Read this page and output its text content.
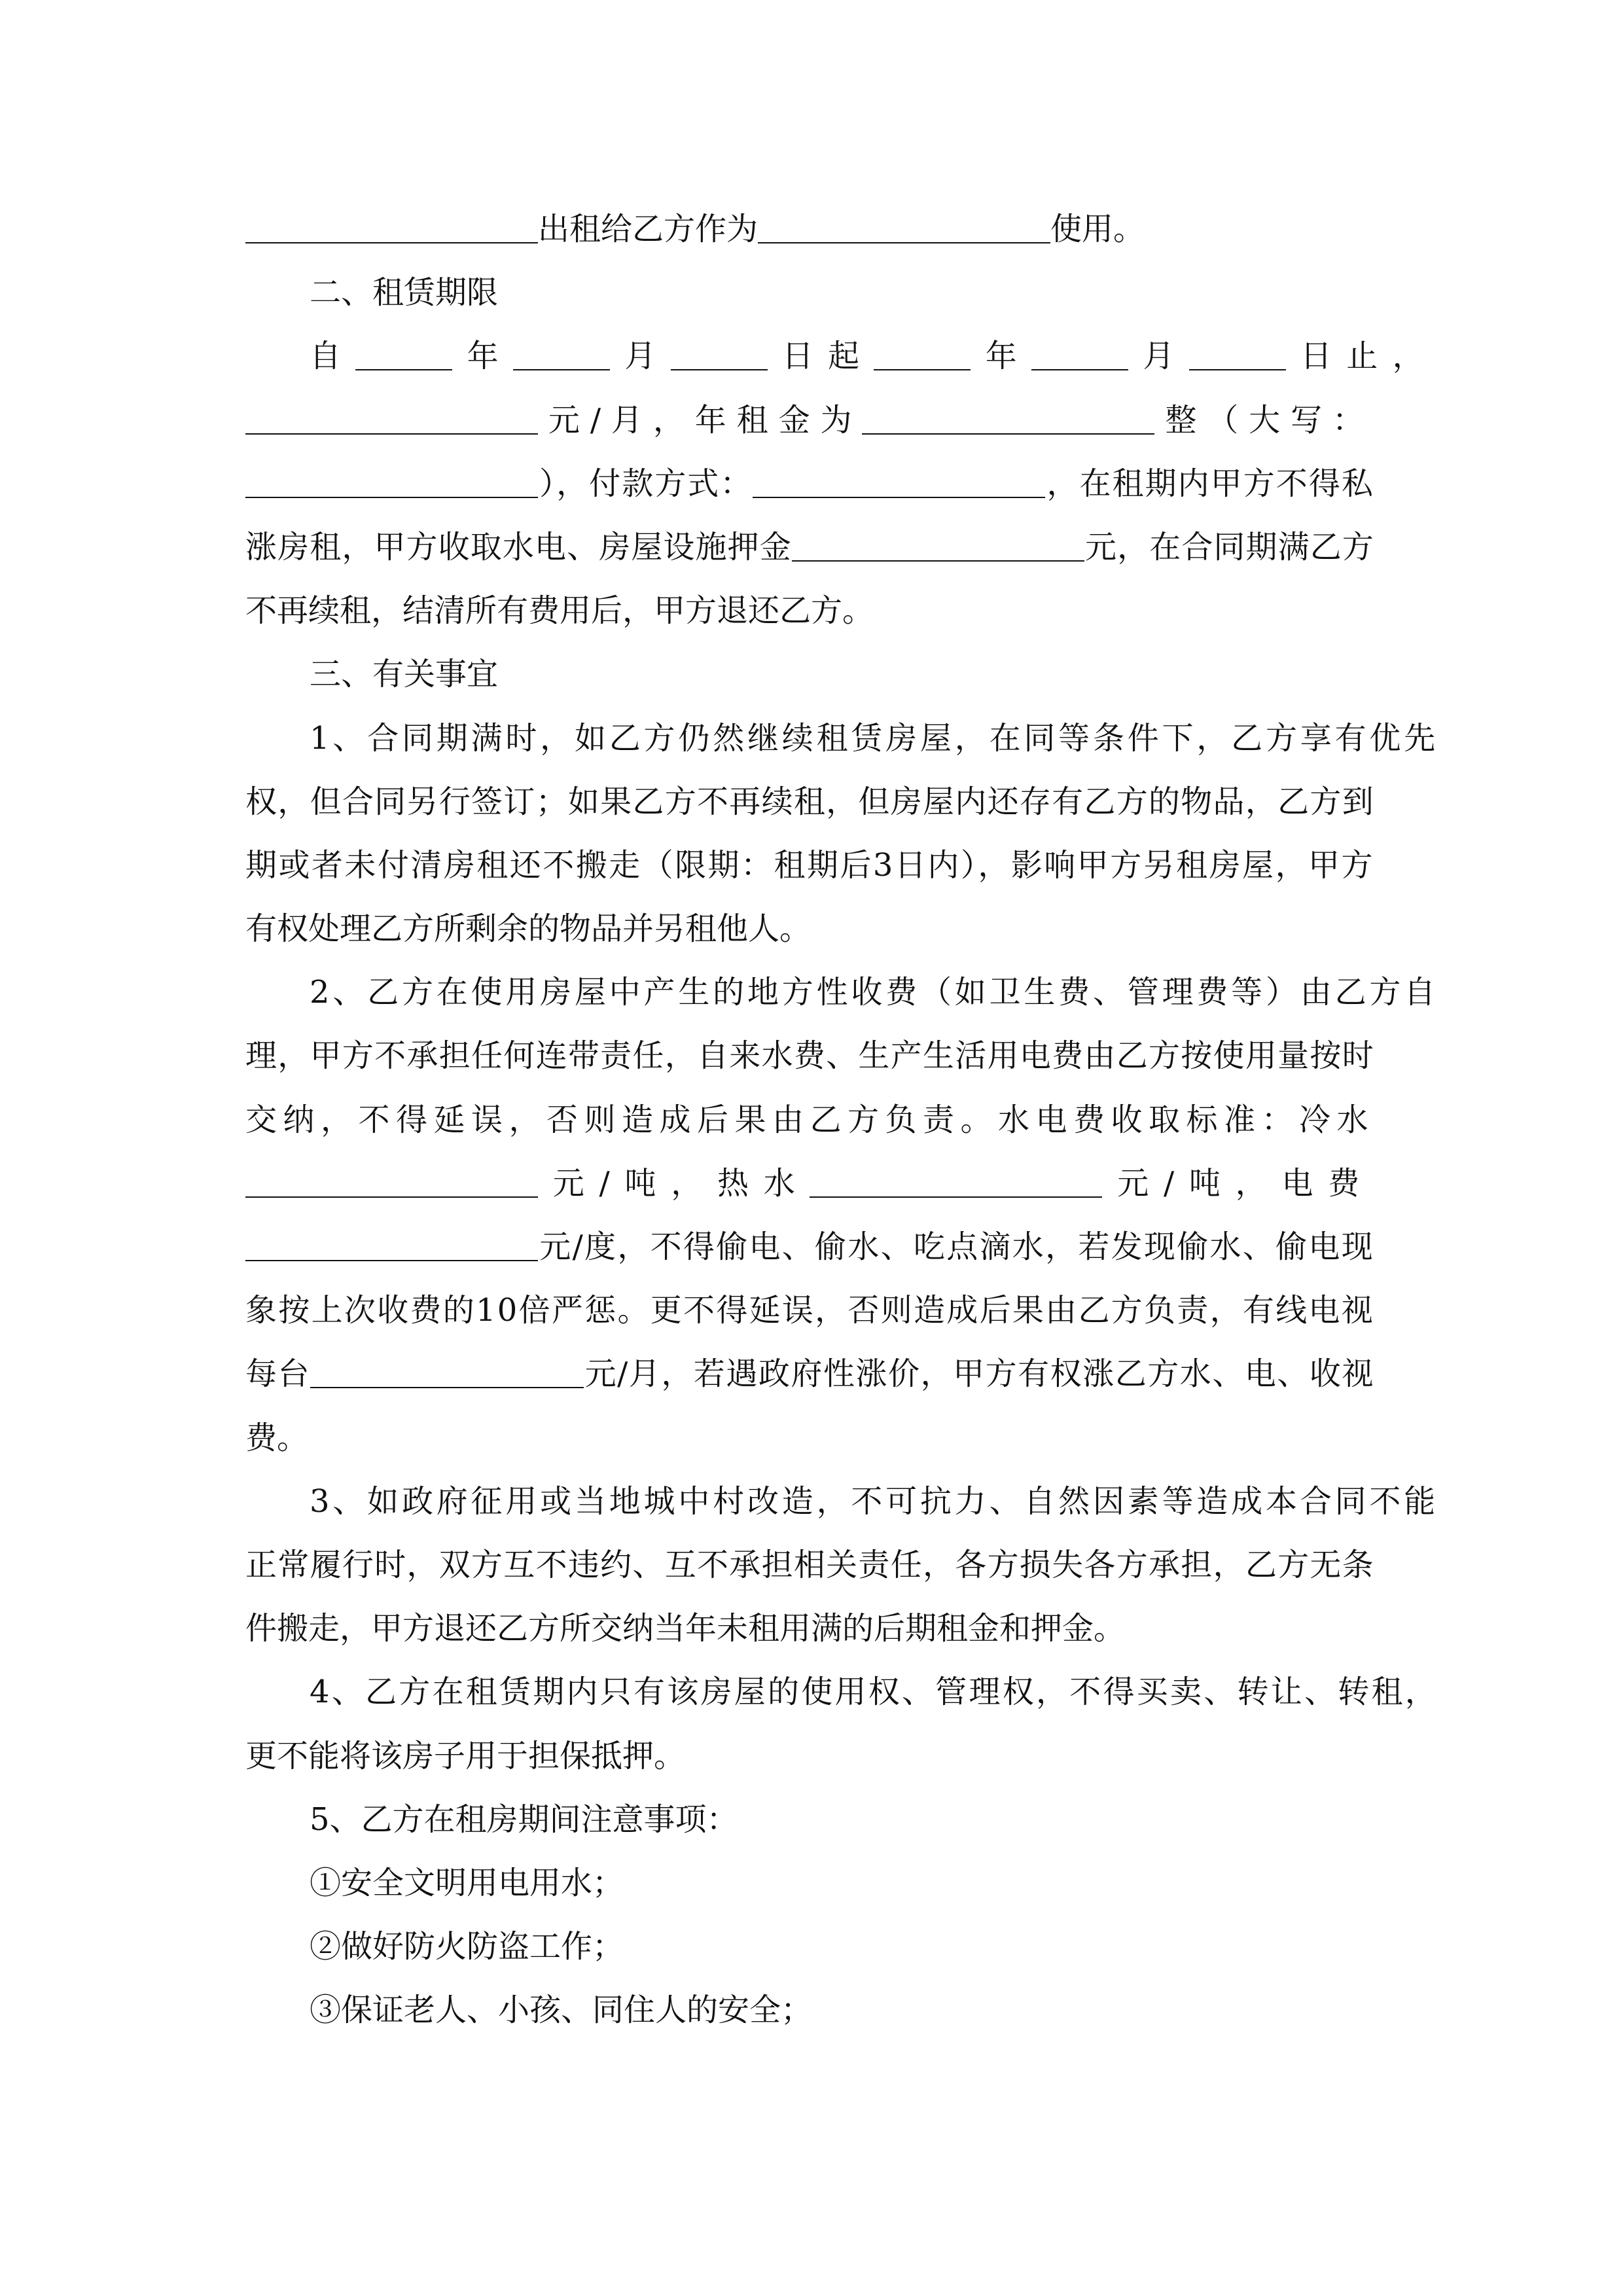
出租给乙方作为	使用。
二、租赁期限
自	年	月	日起	年	月	日止，
元/月，年租金为	整（大写：
），付款方式：	，在租期内甲方不得私
涨房租，甲方收取水电、房屋设施押金	元，在合同期满乙方
不再续租，结清所有费用后，甲方退还乙方。
三、有关事宜
1、合同期满时，如乙方仍然继续租赁房屋，在同等条件下，乙方享有优先
权，但合同另行签订；如果乙方不再续租，但房屋内还存有乙方的物品，乙方到
期或者未付清房租还不搬走（限期：租期后3日内），影响甲方另租房屋，甲方
有权处理乙方所剩余的物品并另租他人。
2、乙方在使用房屋中产生的地方性收费（如卫生费、管理费等）由乙方自
理，甲方不承担任何连带责任，自来水费、生产生活用电费由乙方按使用量按时
交纳，不得延误，否则造成后果由乙方负责。水电费收取标准：冷水
元/吨，热水	元/吨，电费
元/度，不得偷电、偷水、吃点滴水，若发现偷水、偷电现
象按上次收费的10倍严惩。更不得延误，否则造成后果由乙方负责，有线电视
每台	元/月，若遇政府性涨价，甲方有权涨乙方水、电、收视
费。
3、如政府征用或当地城中村改造，不可抗力、自然因素等造成本合同不能
正常履行时，双方互不违约、互不承担相关责任，各方损失各方承担，乙方无条
件搬走，甲方退还乙方所交纳当年未租用满的后期租金和押金。
4、乙方在租赁期内只有该房屋的使用权、管理权，不得买卖、转让、转租，
更不能将该房子用于担保抵押。
5、乙方在租房期间注意事项：
①安全文明用电用水；
②做好防火防盗工作；
③保证老人、小孩、同住人的安全；
